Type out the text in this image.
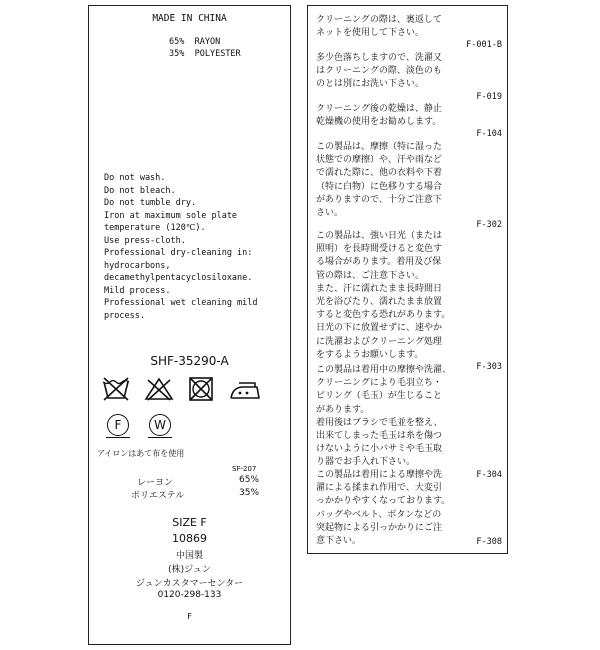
MADE IN CHINA
65% RAYON
35% POLYESTER
Do not wash.
Do not bleach.
Do not tumble dry.
Iron at maximum sole plate
temperature (120℃).
Use press-cloth.
Professional dry-cleaning in:
hydrocarbons,
decamethylpentacyclosiloxane.
Mild process.
Professional wet cleaning mild
process.
SHF-35290-A
F	W
アイロンはあて布を使用
SF-207
レーヨン	65%
ポリエステル	35%
SIZE F
10869
中国製
(株)ジュン
ジュンカスタマーセンター
0120-298-133
F
クリーニングの際は、裏返して
ネットを使用して下さい。
F-001-B
多少色落ちしますので、洗濯又
はクリーニングの際、淡色のも
のとは別にお洗い下さい。
F-019
クリーニング後の乾燥は、静止
乾燥機の使用をお勧めします。
F-104
この製品は、摩擦（特に湿った
状態での摩擦）や、汗や雨など
で濡れた際に、他の衣料や下着
（特に白物）に色移りする場合
がありますので、十分ご注意下
さい。
F-302
この製品は、強い日光（または
照明）を長時間受けると変色す
る場合があります。着用及び保
管の際は、ご注意下さい。
また、汗に濡れたまま長時間日
光を浴びたり、濡れたまま放置
すると変色する恐れがあります。
日光の下に放置せずに、速やか
に洗濯およびクリーニング処理
をするようお願いします。
F-303
この製品は着用中の摩擦や洗濯、
クリーニングにより毛羽立ち・
ピリング（毛玉）が生じること
があります。
着用後はブラシで毛並を整え、
出来てしまった毛玉は糸を傷つ
けないように小バサミや毛玉取
り器でお手入れ下さい。
F-304
この製品は着用による摩擦や洗
濯による揉まれ作用で、大変引
っかかりやすくなっております。
バッグやベルト、ボタンなどの
突起物による引っかかりにご注
意下さい。	F-308
